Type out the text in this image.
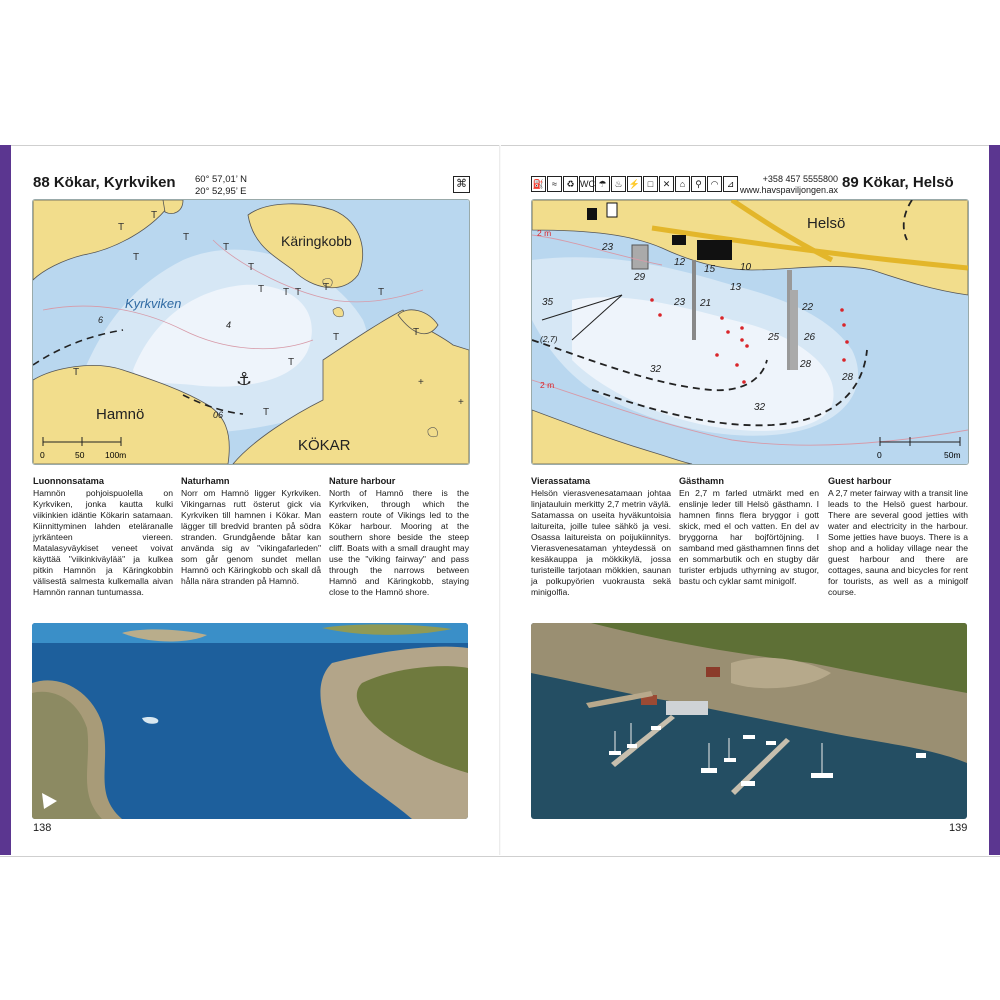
88 Kökar, Kyrkviken 60° 57,01’ N
20° 52,95’ E
⌘
⚓
T
T
T
T
T
T
T T T T	T
T
T
T
T
T
+
+
Käringkobb
Kyrkviken
Hamnö
KÖKAR
6	4
06
0	50 100m
Luonnonsatama

Hamnön pohjoispuolella on Kyrkviken, jonka kautta kulki viikinkien idäntie Kökarin satamaan. Kiinnittyminen lahden eteläranalle jyrkänteen viereen. Matalasyväykiset veneet voivat käyttää "viikinkiväylää" ja kulkea pitkin Hamnön ja Käringkobbin välisestä salmesta kulkemalla aivan Hamnön rannan tuntumassa.

Naturhamn

Norr om Hamnö ligger Kyrkviken. Vikingarnas rutt österut gick via Kyrkviken till hamnen i Kökar. Man lägger till bredvid branten på södra stranden. Grundgående båtar kan använda sig av "vikingafarleden" som går genom sundet mellan Hamnö och Käringkobb och skall då hålla nära stranden på Hamnö.

Nature harbour

North of Hamnö there is the Kyrkviken, through which the eastern route of Vikings led to the Kökar harbour. Mooring at the southern shore beside the steep cliff. Boats with a small draught may use the "viking fairway" and pass through the narrows between Hamnö and Käringkobb, staying close to the Hamnö shore.

138
⛽ ≈	♻ WC ☂ ♨ ⚡ □	✕	⌂	⚲ ◠ ⊿	+358 457 5555800
www.havspaviljongen.ax 89 Kökar, Helsö
Helsö
2 m
2 m
23
29
12
15
13
10
23 21
25
22
26
28
28
32
32
35
(2,7)
0	50m
Vierassatama

Helsön vierasvenesatamaan johtaa linjatauluin merkitty 2,7 metrin väylä. Satamassa on useita hyväkuntoisia laitureita, joille tulee sähkö ja vesi. Osassa laitureista on poijukiinnitys. Vierasvenesataman yhteydessä on kesäkauppa ja mökkikylä, jossa turisteille tarjotaan mökkien, saunan ja polkupyörien vuokrausta sekä minigolfia.

Gästhamn

En 2,7 m farled utmärkt med en enslinje leder till Helsö gästhamn. I hamnen finns flera bryggor i gott skick, med el och vatten. En del av bryggorna har bojförtöjning. I samband med gästhamnen finns det en sommarbutik och en stugby där turister erbjuds uthyrning av stugor, bastu och cyklar samt minigolf.

Guest harbour

A 2,7 meter fairway with a transit line leads to the Helsö guest harbour. There are several good jetties with water and electricity in the harbour. Some jetties have buoys. There is a shop and a holiday village near the guest harbour and there are cottages, sauna and bicycles for rent for tourists, as well as a minigolf course.

139
